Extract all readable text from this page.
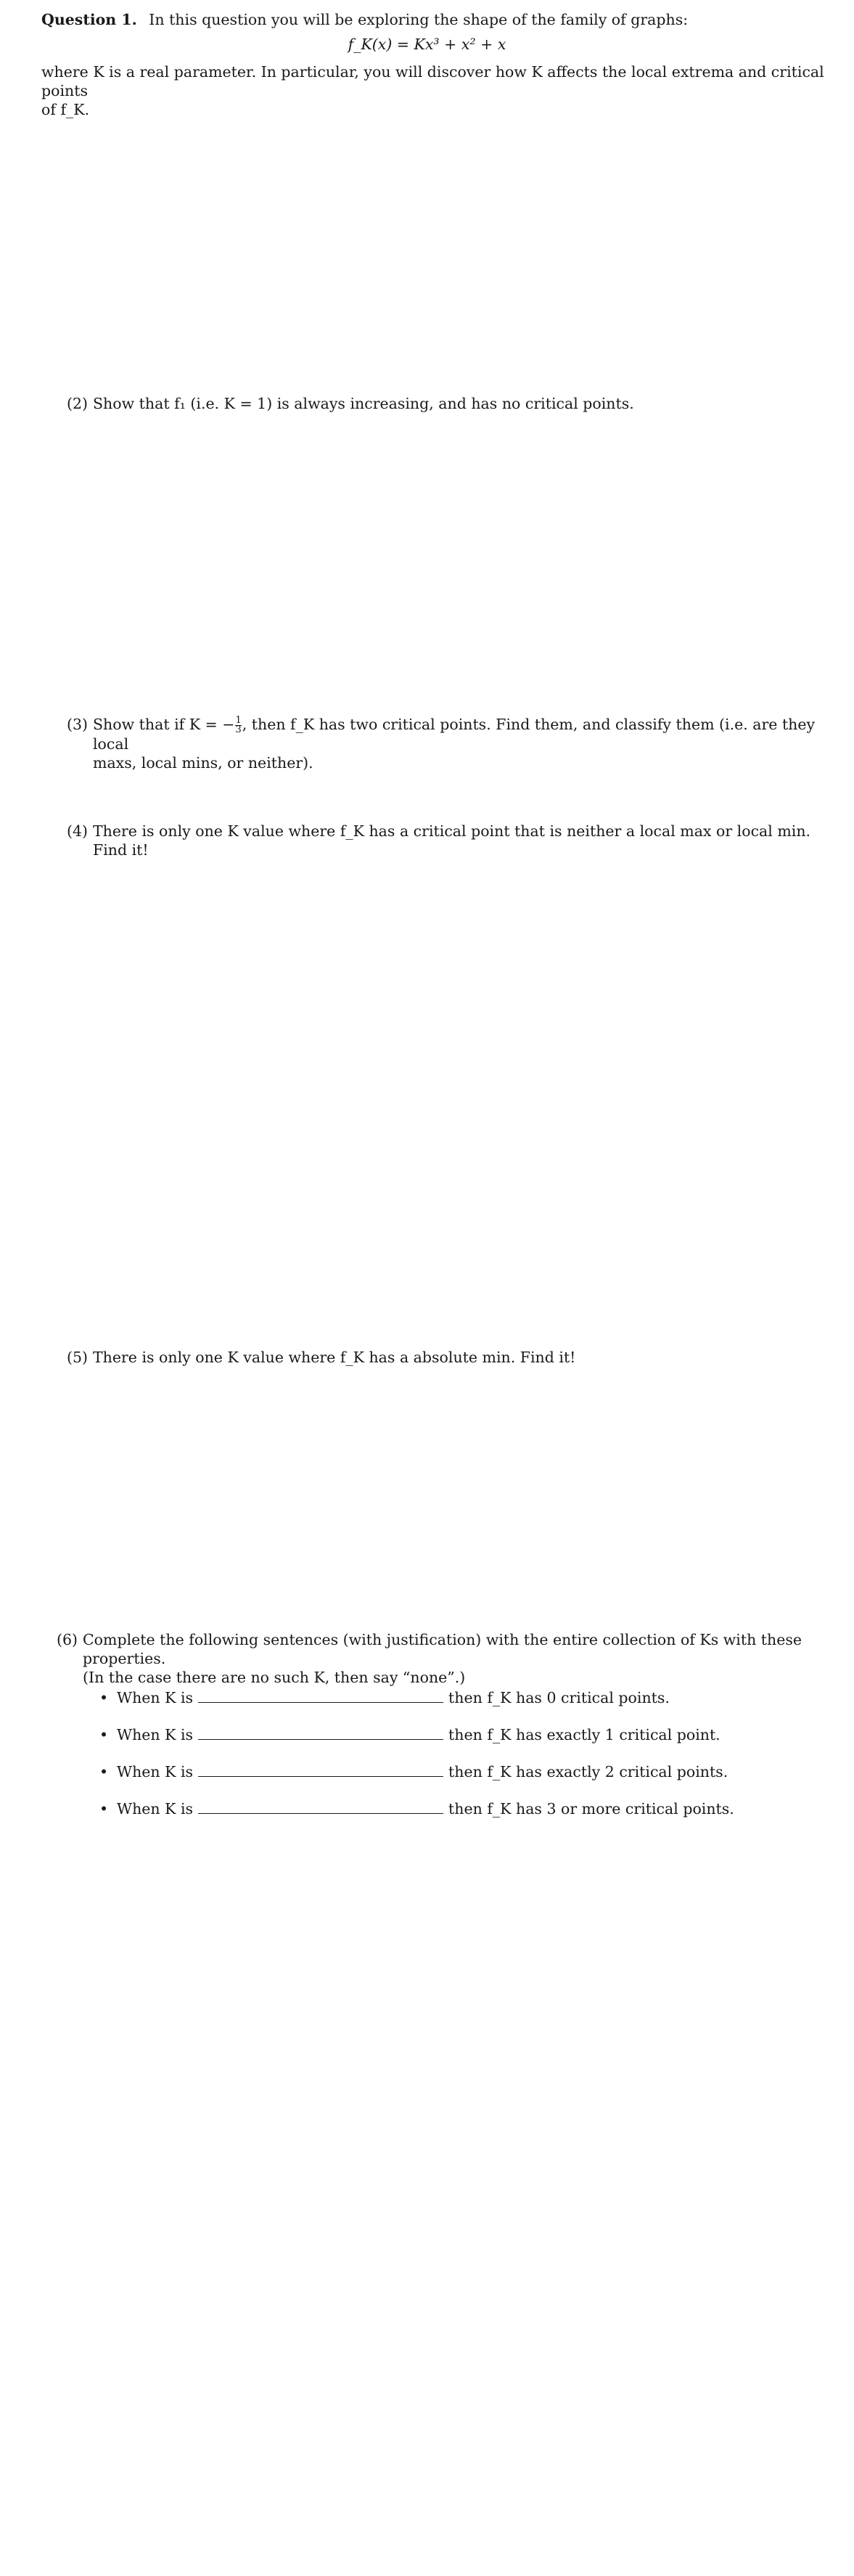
Question 1. In this question you will be exploring the shape of the family of graphs:
f_K(x) = Kx³ + x² + x
where K is a real parameter. In particular, you will discover how K affects the local extrema and critical points
of f_K.
(2) Show that f₁ (i.e. K = 1) is always increasing, and has no critical points.
(3) Show that if K = − $\frac{1}{3}$ , then f_K has two critical points. Find them, and classify them (i.e. are they local
maxs, local mins, or neither).
(4) There is only one K value where f_K has a critical point that is neither a local max or local min. Find it!
(5) There is only one K value where f_K has a absolute min. Find it!
(6) Complete the following sentences (with justification) with the entire collection of Ks with these properties.
(In the case there are no such K, then say “none”.)
• When K is	then f_K has 0 critical points.
• When K is	then f_K has exactly 1 critical point.
• When K is	then f_K has exactly 2 critical points.
• When K is	then f_K has 3 or more critical points.
